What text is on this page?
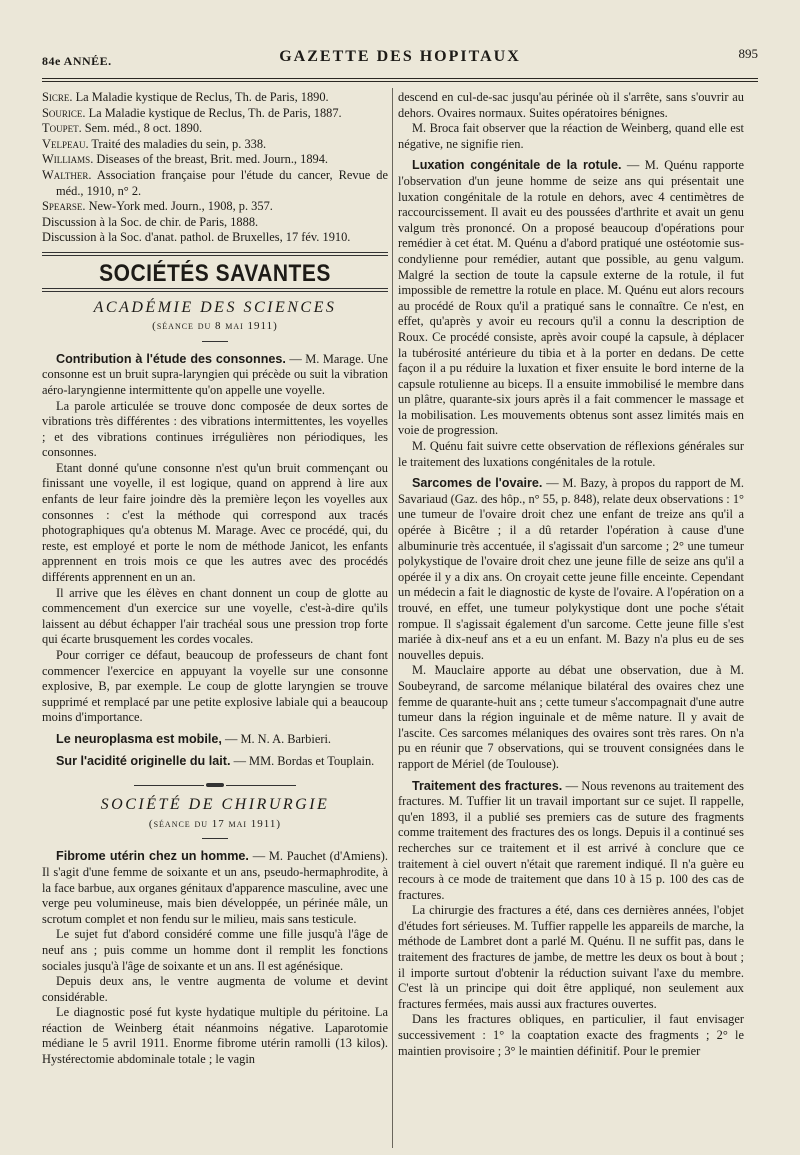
84e ANNÉE.	GAZETTE DES HOPITAUX	895

Sicre. La Maladie kystique de Reclus, Th. de Paris, 1890.

Sourice. La Maladie kystique de Reclus, Th. de Paris, 1887.

Toupet. Sem. méd., 8 oct. 1890.

Velpeau. Traité des maladies du sein, p. 338.

Williams. Diseases of the breast, Brit. med. Journ., 1894.

Walther. Association française pour l'étude du cancer, Revue de méd., 1910, n° 2.

Spearse. New-York med. Journ., 1908, p. 357.

Discussion à la Soc. de chir. de Paris, 1888.

Discussion à la Soc. d'anat. pathol. de Bruxelles, 17 fév. 1910.

SOCIÉTÉS SAVANTES
ACADÉMIE DES SCIENCES
(séance du 8 mai 1911)

Contribution à l'étude des consonnes. — M. Marage. Une consonne est un bruit supra-laryngien qui précède ou suit la vibration aéro-laryngienne intermittente qu'on appelle une voyelle.

La parole articulée se trouve donc composée de deux sortes de vibrations très différentes : des vibrations intermittentes, les voyelles ; et des vibrations continues irrégulières non périodiques, les consonnes.

Etant donné qu'une consonne n'est qu'un bruit commençant ou finissant une voyelle, il est logique, quand on apprend à lire aux enfants de leur faire joindre dès la première leçon les voyelles aux consonnes : c'est la méthode qui correspond aux tracés photographiques qu'a obtenus M. Marage. Avec ce procédé, qui, du reste, est employé et porte le nom de méthode Janicot, les enfants apprennent en trois mois ce que les autres avec des procédés différents apprennent en un an.

Il arrive que les élèves en chant donnent un coup de glotte au commencement d'un exercice sur une voyelle, c'est-à-dire qu'ils laissent au début échapper l'air trachéal sous une pression trop forte qui écarte brusquement les cordes vocales.

Pour corriger ce défaut, beaucoup de professeurs de chant font commencer l'exercice en appuyant la voyelle sur une consonne explosive, B, par exemple. Le coup de glotte laryngien se trouve supprimé et remplacé par une petite explosive labiale qui a beaucoup moins d'importance.

Le neuroplasma est mobile, — M. N. A. Barbieri.

Sur l'acidité originelle du lait. — MM. Bordas et Touplain.

SOCIÉTÉ DE CHIRURGIE
(séance du 17 mai 1911)

Fibrome utérin chez un homme. — M. Pauchet (d'Amiens). Il s'agit d'une femme de soixante et un ans, pseudo-hermaphrodite, à la face barbue, aux organes génitaux d'apparence masculine, avec une verge peu volumineuse, mais bien développée, un périnée mâle, un scrotum complet et non fendu sur le milieu, mais sans testicule.

Le sujet fut d'abord considéré comme une fille jusqu'à l'âge de neuf ans ; puis comme un homme dont il remplit les fonctions sociales jusqu'à l'âge de soixante et un ans. Il est agénésique.

Depuis deux ans, le ventre augmenta de volume et devint considérable.

Le diagnostic posé fut kyste hydatique multiple du péritoine. La réaction de Weinberg était néanmoins négative. Laparotomie médiane le 5 avril 1911. Enorme fibrome utérin ramolli (13 kilos). Hystérectomie abdominale totale ; le vagin

descend en cul-de-sac jusqu'au périnée où il s'arrête, sans s'ouvrir au dehors. Ovaires normaux. Suites opératoires bénignes.

M. Broca fait observer que la réaction de Weinberg, quand elle est négative, ne signifie rien.

Luxation congénitale de la rotule. — M. Quénu rapporte l'observation d'un jeune homme de seize ans qui présentait une luxation congénitale de la rotule en dehors, avec 4 centimètres de raccourcissement. Il avait eu des poussées d'arthrite et avait un genu valgum très prononcé. On a proposé beaucoup d'opérations pour remédier à cet état. M. Quénu a d'abord pratiqué une ostéotomie sus-condylienne pour remédier, autant que possible, au genu valgum. Malgré la section de toute la capsule externe de la rotule, il fut impossible de remettre la rotule en place. M. Quénu eut alors recours au procédé de Roux qu'il a pratiqué sans le connaître. Ce n'est, en effet, qu'après y avoir eu recours qu'il a connu la description de Roux. Ce procédé consiste, après avoir coupé la capsule, à déplacer la tubérosité antérieure du tibia et à la porter en dedans. De cette façon il a pu réduire la luxation et fixer ensuite le bord interne de la capsule rotulienne au biceps. Il a ensuite immobilisé le membre dans un plâtre, quarante-six jours après il a fait commencer le massage et la mobilisation. Les mouvements obtenus sont assez limités mais en voie de progression.

M. Quénu fait suivre cette observation de réflexions générales sur le traitement des luxations congénitales de la rotule.

Sarcomes de l'ovaire. — M. Bazy, à propos du rapport de M. Savariaud (Gaz. des hôp., n° 55, p. 848), relate deux observations : 1° une tumeur de l'ovaire droit chez une enfant de treize ans qu'il a opérée à Bicêtre ; il a dû retarder l'opération à cause d'une albuminurie très accentuée, il s'agissait d'un sarcome ; 2° une tumeur polykystique de l'ovaire droit chez une jeune fille de seize ans qu'il a opérée il y a dix ans. On croyait cette jeune fille enceinte. Cependant un médecin a fait le diagnostic de kyste de l'ovaire. A l'opération on a trouvé, en effet, une tumeur polykystique dont une poche s'était rompue. Il s'agissait également d'un sarcome. Cette jeune fille s'est mariée à dix-neuf ans et a eu un enfant. M. Bazy n'a plus eu de ses nouvelles depuis.

M. Mauclaire apporte au débat une observation, due à M. Soubeyrand, de sarcome mélanique bilatéral des ovaires chez une femme de quarante-huit ans ; cette tumeur s'accompagnait d'une autre tumeur dans la région inguinale et de même nature. Il y avait de l'ascite. Ces sarcomes mélaniques des ovaires sont très rares. On n'a pu en réunir que 7 observations, qui se trouvent consignées dans le rapport de Mériel (de Toulouse).

Traitement des fractures. — Nous revenons au traitement des fractures. M. Tuffier lit un travail important sur ce sujet. Il rappelle, qu'en 1893, il a publié ses premiers cas de suture des fragments comme traitement des fractures des os longs. Depuis il a continué ses recherches sur ce traitement et il est arrivé à conclure que ce traitement à ciel ouvert n'était que rarement indiqué. Il n'a guère eu recours à ce mode de traitement que dans 10 à 15 p. 100 des cas de fractures.

La chirurgie des fractures a été, dans ces dernières années, l'objet d'études fort sérieuses. M. Tuffier rappelle les appareils de marche, la méthode de Lambret dont a parlé M. Quénu. Il ne suffit pas, dans le traitement des fractures de jambe, de mettre les deux os bout à bout ; il importe surtout d'obtenir la réduction suivant l'axe du membre. C'est là un principe qui doit être appliqué, non seulement aux fractures fermées, mais aussi aux fractures ouvertes.

Dans les fractures obliques, en particulier, il faut envisager successivement : 1° la coaptation exacte des fragments ; 2° le maintien provisoire ; 3° le maintien définitif. Pour le premier
